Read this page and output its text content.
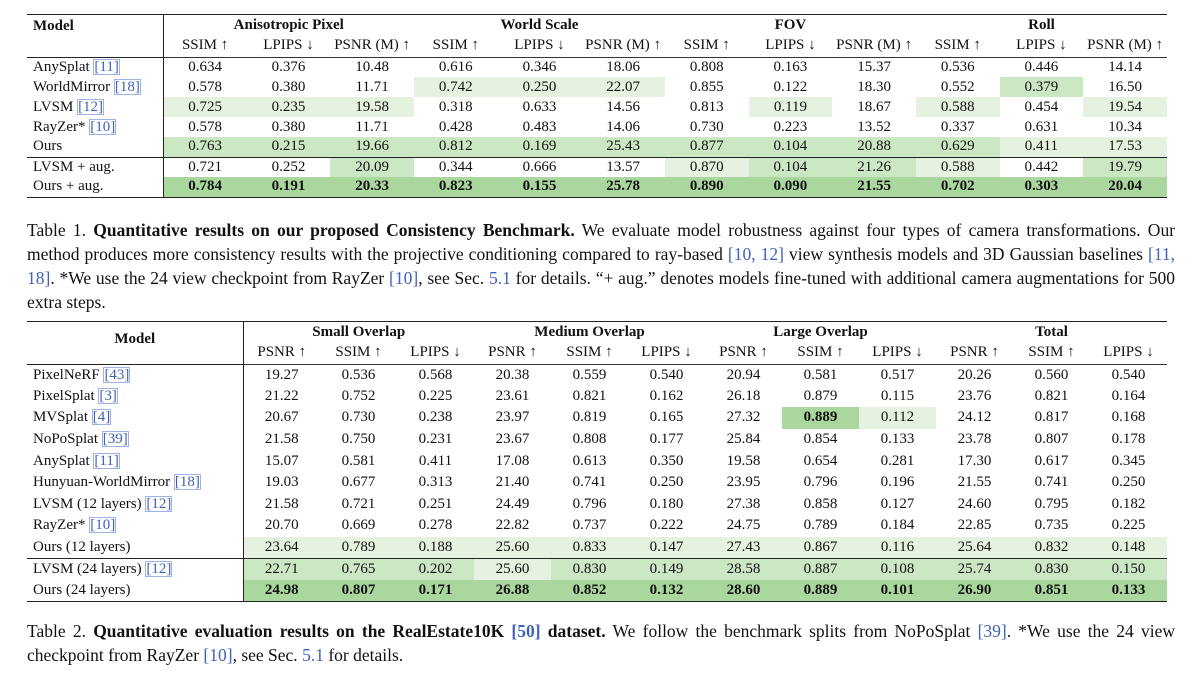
Model	Anisotropic Pixel			World Scale			FOV			Roll		
	SSIM ↑	LPIPS ↓	PSNR (M) ↑	SSIM ↑	LPIPS ↓	PSNR (M) ↑	SSIM ↑	LPIPS ↓	PSNR (M) ↑	SSIM ↑	LPIPS ↓	PSNR (M) ↑
AnySplat [11]	0.634	0.376	10.48	0.616	0.346	18.06	0.808	0.163	15.37	0.536	0.446	14.14
WorldMirror [18]	0.578	0.380	11.71	0.742	0.250	22.07	0.855	0.122	18.30	0.552	0.379	16.50
LVSM [12]	0.725	0.235	19.58	0.318	0.633	14.56	0.813	0.119	18.67	0.588	0.454	19.54
RayZer* [10]	0.578	0.380	11.71	0.428	0.483	14.06	0.730	0.223	13.52	0.337	0.631	10.34
Ours	0.763	0.215	19.66	0.812	0.169	25.43	0.877	0.104	20.88	0.629	0.411	17.53
LVSM + aug.	0.721	0.252	20.09	0.344	0.666	13.57	0.870	0.104	21.26	0.588	0.442	19.79
Ours + aug.	0.784	0.191	20.33	0.823	0.155	25.78	0.890	0.090	21.55	0.702	0.303	20.04
Table 1. Quantitative results on our proposed Consistency Benchmark. We evaluate model robustness against four types of camera transformations. Our method produces more consistency results with the projective conditioning compared to ray-based [10, 12] view synthesis models and 3D Gaussian baselines [11, 18]. *We use the 24 view checkpoint from RayZer [10], see Sec. 5.1 for details. “+ aug.” denotes models fine-tuned with additional camera augmentations for 500 extra steps.
Model	Small Overlap			Medium Overlap			Large Overlap			Total		
	PSNR ↑	SSIM ↑	LPIPS ↓	PSNR ↑	SSIM ↑	LPIPS ↓	PSNR ↑	SSIM ↑	LPIPS ↓	PSNR ↑	SSIM ↑	LPIPS ↓
PixelNeRF [43]	19.27	0.536	0.568	20.38	0.559	0.540	20.94	0.581	0.517	20.26	0.560	0.540
PixelSplat [3]	21.22	0.752	0.225	23.61	0.821	0.162	26.18	0.879	0.115	23.76	0.821	0.164
MVSplat [4]	20.67	0.730	0.238	23.97	0.819	0.165	27.32	0.889	0.112	24.12	0.817	0.168
NoPoSplat [39]	21.58	0.750	0.231	23.67	0.808	0.177	25.84	0.854	0.133	23.78	0.807	0.178
AnySplat [11]	15.07	0.581	0.411	17.08	0.613	0.350	19.58	0.654	0.281	17.30	0.617	0.345
Hunyuan-WorldMirror [18]	19.03	0.677	0.313	21.40	0.741	0.250	23.95	0.796	0.196	21.55	0.741	0.250
LVSM (12 layers) [12]	21.58	0.721	0.251	24.49	0.796	0.180	27.38	0.858	0.127	24.60	0.795	0.182
RayZer* [10]	20.70	0.669	0.278	22.82	0.737	0.222	24.75	0.789	0.184	22.85	0.735	0.225
Ours (12 layers)	23.64	0.789	0.188	25.60	0.833	0.147	27.43	0.867	0.116	25.64	0.832	0.148
LVSM (24 layers) [12]	22.71	0.765	0.202	25.60	0.830	0.149	28.58	0.887	0.108	25.74	0.830	0.150
Ours (24 layers)	24.98	0.807	0.171	26.88	0.852	0.132	28.60	0.889	0.101	26.90	0.851	0.133
Table 2. Quantitative evaluation results on the RealEstate10K [50] dataset. We follow the benchmark splits from NoPoSplat [39]. *We use the 24 view checkpoint from RayZer [10], see Sec. 5.1 for details.
